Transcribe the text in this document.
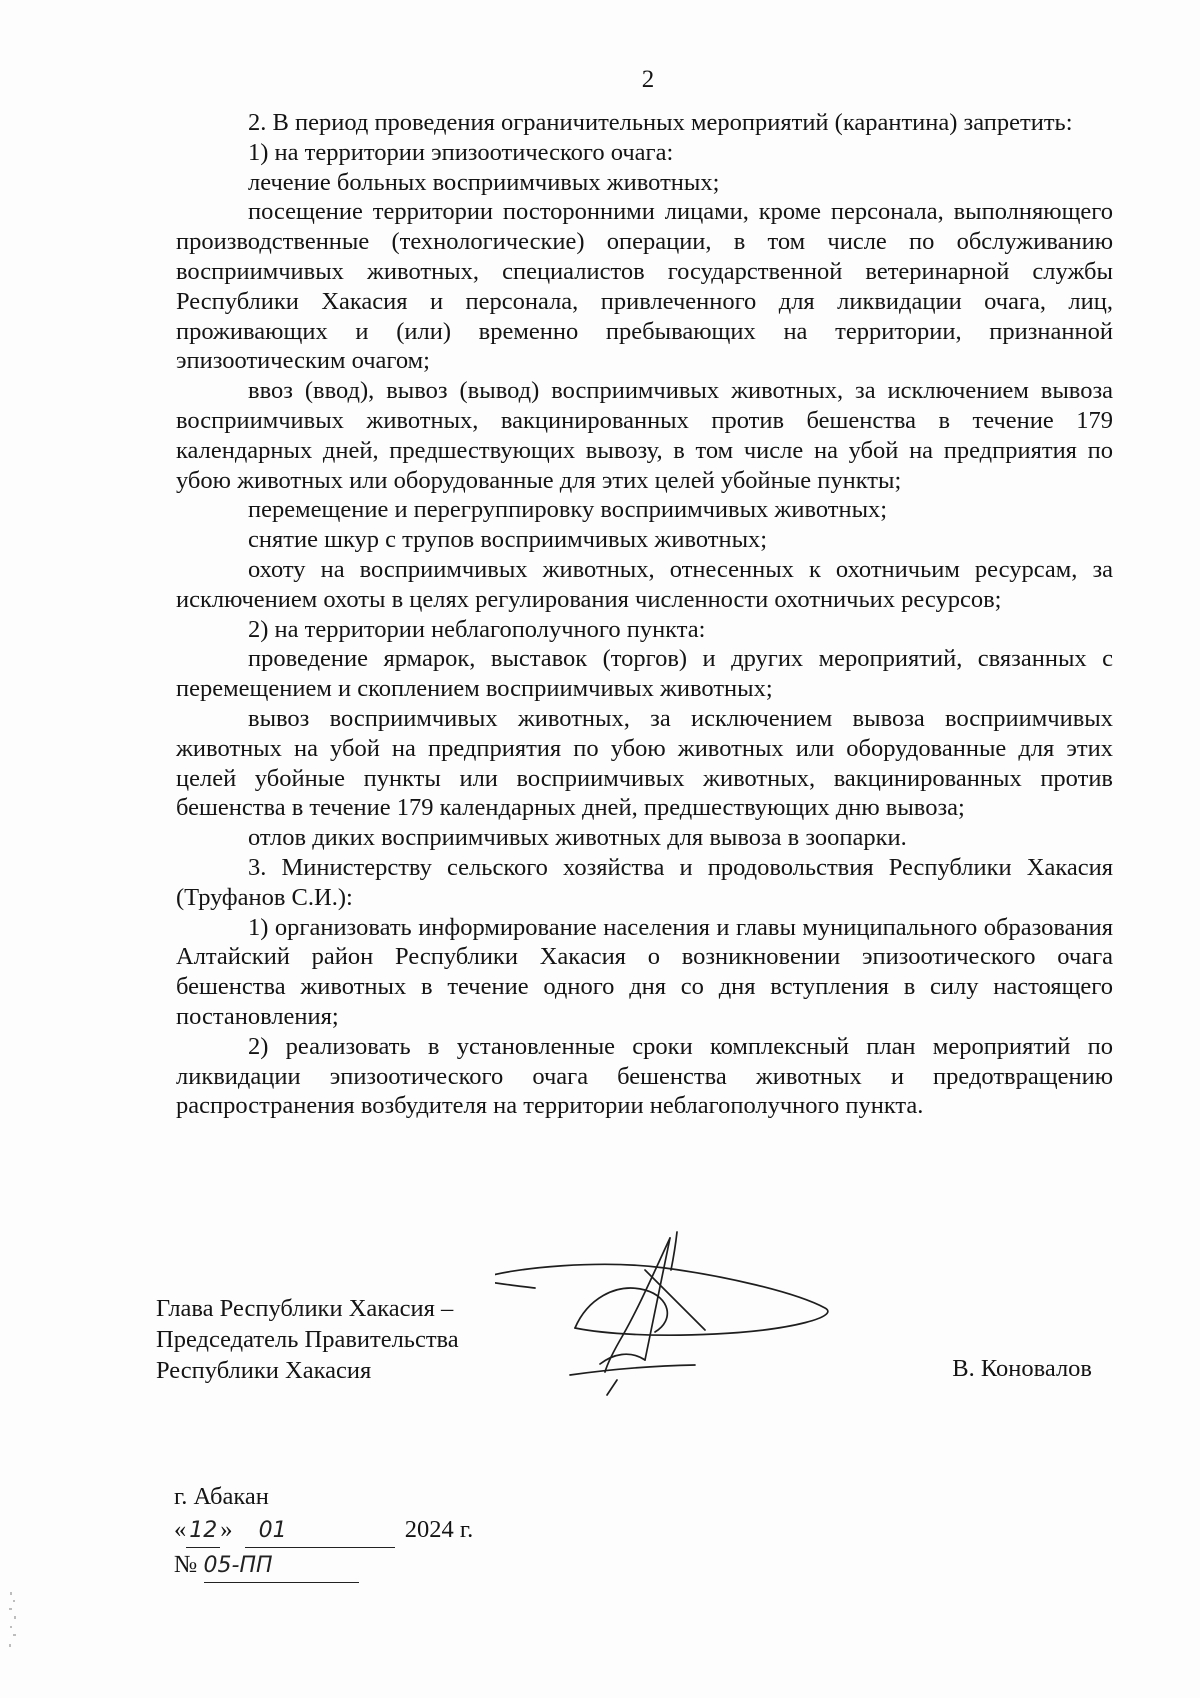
2

2. В период проведения ограничительных мероприятий (карантина) запретить:

1) на территории эпизоотического очага:

лечение больных восприимчивых животных;

посещение территории посторонними лицами, кроме персонала, выполняющего производственные (технологические) операции, в том числе по обслуживанию восприимчивых животных, специалистов государственной ветеринарной службы Республики Хакасия и персонала, привлеченного для ликвидации очага, лиц, проживающих и (или) временно пребывающих на территории, признанной эпизоотическим очагом;

ввоз (ввод), вывоз (вывод) восприимчивых животных, за исключением вывоза восприимчивых животных, вакцинированных против бешенства в течение 179 календарных дней, предшествующих вывозу, в том числе на убой на предприятия по убою животных или оборудованные для этих целей убойные пункты;

перемещение и перегруппировку восприимчивых животных;

снятие шкур с трупов восприимчивых животных;

охоту на восприимчивых животных, отнесенных к охотничьим ресурсам, за исключением охоты в целях регулирования численности охотничьих ресурсов;

2) на территории неблагополучного пункта:

проведение ярмарок, выставок (торгов) и других мероприятий, связанных с перемещением и скоплением восприимчивых животных;

вывоз восприимчивых животных, за исключением вывоза восприимчивых животных на убой на предприятия по убою животных или оборудованные для этих целей убойные пункты или восприимчивых животных, вакцинированных против бешенства в течение 179 календарных дней, предшествующих дню вывоза;

отлов диких восприимчивых животных для вывоза в зоопарки.

3. Министерству сельского хозяйства и продовольствия Республики Хакасия (Труфанов С.И.):

1) организовать информирование населения и главы муниципального образования Алтайский район Республики Хакасия о возникновении эпизоотического очага бешенства животных в течение одного дня со дня вступления в силу настоящего постановления;

2) реализовать в установленные сроки комплексный план мероприятий по ликвидации эпизоотического очага бешенства животных и предотвращению распространения возбудителя на территории неблагополучного пункта.

Глава Республики Хакасия –
Председатель Правительства
Республики Хакасия	В. Коновалов
г. Абакан
« 12 » 01	2024 г.
№ 05-ПП
